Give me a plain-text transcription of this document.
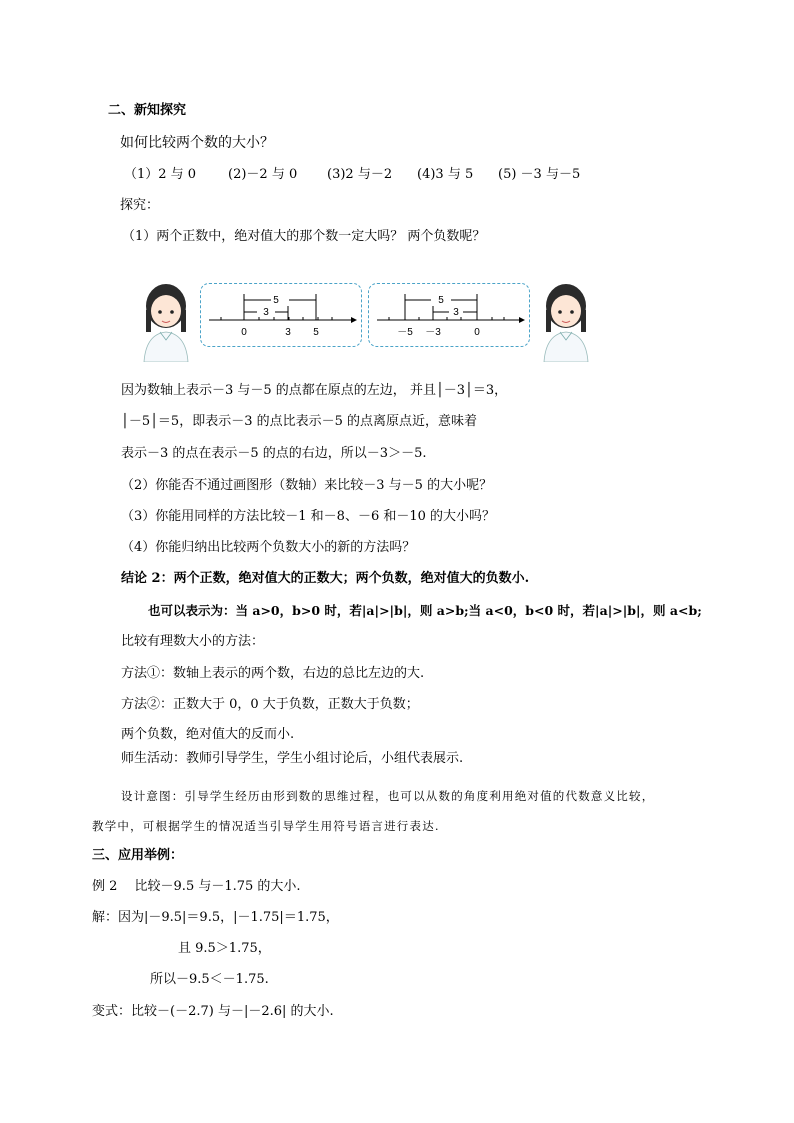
二、新知探究
如何比较两个数的大小？
（1）2 与 0 (2)－2 与 0 (3)2 与－2 (4)3 与 5 (5) －3 与－5
探究：
（1）两个正数中，绝对值大的那个数一定大吗？ 两个负数呢？
5
3
0	3 5
5
3
－5 －3	0
因为数轴上表示－3 与－5 的点都在原点的左边， 并且│－3│＝3，
│－5│＝5，即表示－3 的点比表示－5 的点离原点近，意味着
表示－3 的点在表示－5 的点的右边，所以－3＞－5.
（2）你能否不通过画图形（数轴）来比较－3 与－5 的大小呢？
（3）你能用同样的方法比较－1 和－8、－6 和－10 的大小吗？
（4）你能归纳出比较两个负数大小的新的方法吗？
结论 2：两个正数，绝对值大的正数大；两个负数，绝对值大的负数小.
也可以表示为：当 a>0，b>0 时，若|a|>|b|，则 a>b;当 a<0，b<0 时，若|a|>|b|，则 a<b;
比较有理数大小的方法：
方法①：数轴上表示的两个数，右边的总比左边的大.
方法②：正数大于 0，0 大于负数，正数大于负数；
两个负数，绝对值大的反而小.
师生活动：教师引导学生，学生小组讨论后，小组代表展示.
设计意图：引导学生经历由形到数的思维过程，也可以从数的角度利用绝对值的代数意义比较，
教学中，可根据学生的情况适当引导学生用符号语言进行表达.
三、应用举例：
例 2　 比较－9.5 与－1.75 的大小.
解：因为|－9.5|＝9.5，|－1.75|＝1.75，
且 9.5＞1.75，
所以－9.5＜－1.75.
变式：比较－(－2.7) 与－|－2.6| 的大小.
